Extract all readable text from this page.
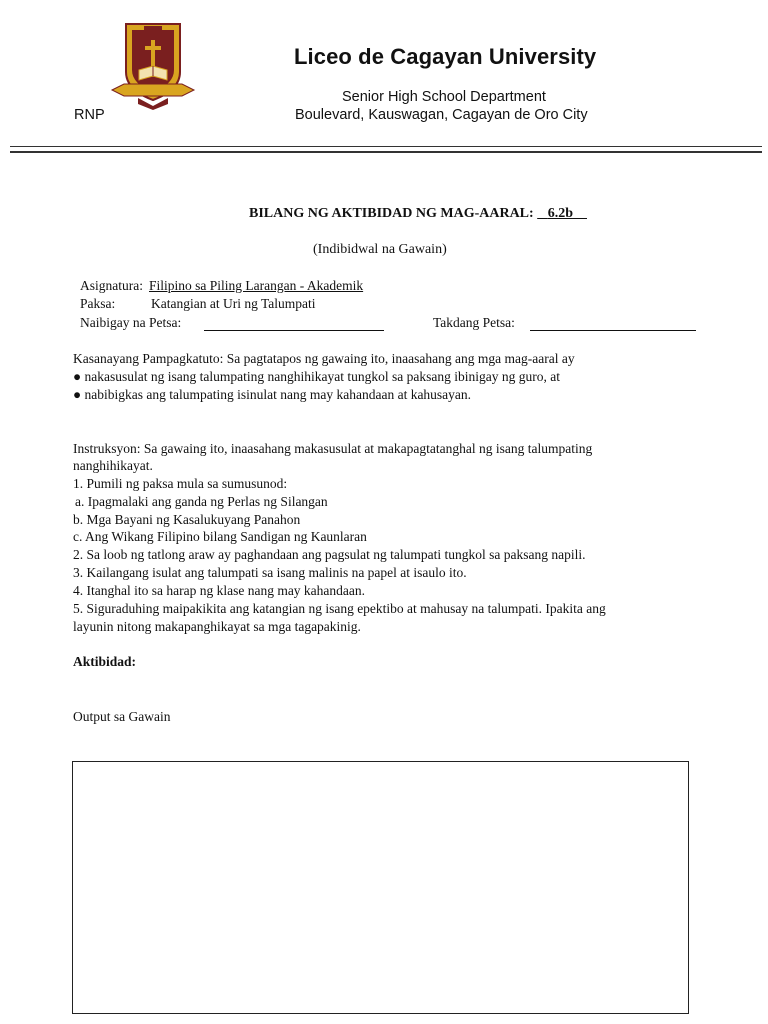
Liceo de Cagayan University
Senior High School Department
Boulevard, Kauswagan, Cagayan de Oro City
RNP
BILANG NG AKTIBIDAD NG MAG-AARAL: 6.2b
(Indibidwal na Gawain)
Asignatura: Filipino sa Piling Larangan - Akademik
Paksa:	Katangian at Uri ng Talumpati
Naibigay na Petsa:	Takdang Petsa:
Kasanayang Pampagkatuto: Sa pagtatapos ng gawaing ito, inaasahang ang mga mag-aaral ay
● nakasusulat ng isang talumpating nanghihikayat tungkol sa paksang ibinigay ng guro, at
● nabibigkas ang talumpating isinulat nang may kahandaan at kahusayan.
Instruksyon: Sa gawaing ito, inaasahang makasusulat at makapagtatanghal ng isang talumpating
nanghihikayat.
1. Pumili ng paksa mula sa sumusunod:
a. Ipagmalaki ang ganda ng Perlas ng Silangan
b. Mga Bayani ng Kasalukuyang Panahon
c. Ang Wikang Filipino bilang Sandigan ng Kaunlaran
2. Sa loob ng tatlong araw ay paghandaan ang pagsulat ng talumpati tungkol sa paksang napili.
3. Kailangang isulat ang talumpati sa isang malinis na papel at isaulo ito.
4. Itanghal ito sa harap ng klase nang may kahandaan.
5. Siguraduhing maipakikita ang katangian ng isang epektibo at mahusay na talumpati. Ipakita ang
layunin nitong makapanghikayat sa mga tagapakinig.
Aktibidad:
Output sa Gawain
